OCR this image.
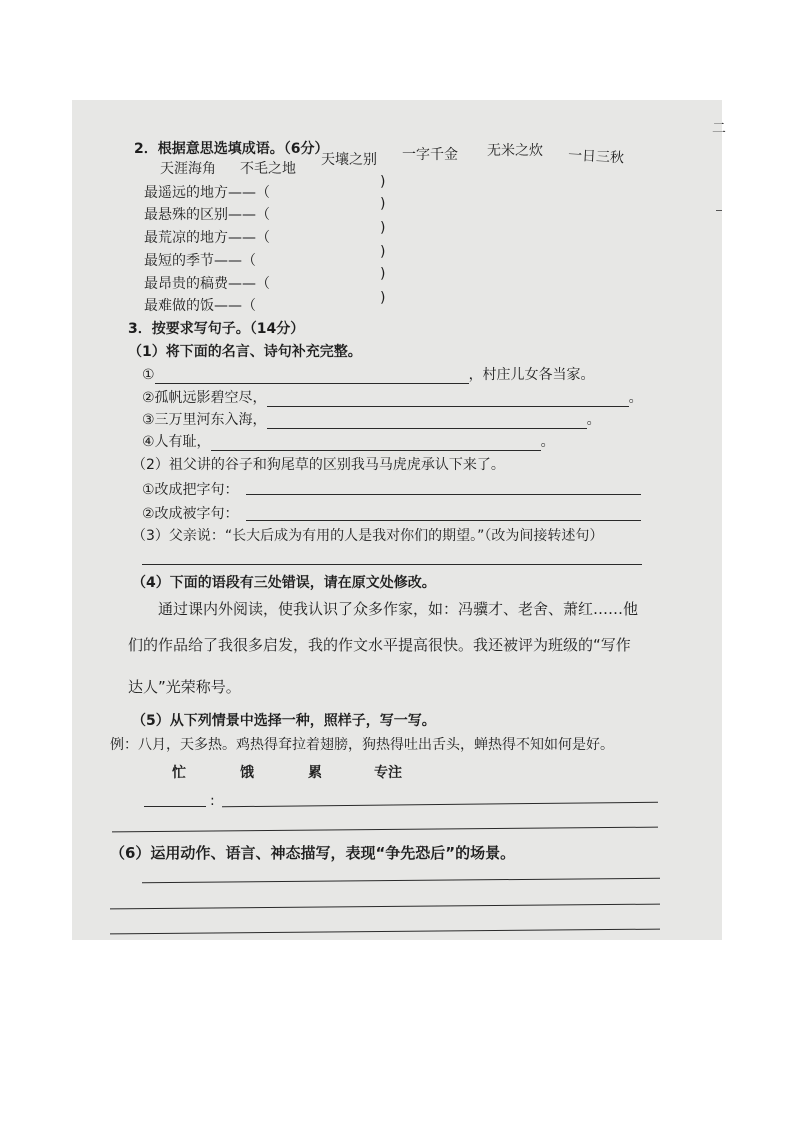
2．根据意思选填成语。（6分）
天涯海角 不毛之地
天壤之别 一字千金 无米之炊 一日三秋
最遥远的地方——（
)
最悬殊的区别——（
)
最荒凉的地方——（
)
最短的季节——（
)
最昂贵的稿费——（
)
最难做的饭——（	)
3．按要求写句子。（14分）
（1）将下面的名言、诗句补充完整。
①	，村庄儿女各当家。
②孤帆远影碧空尽，	。
③三万里河东入海，	。
④人有耻，	。
（2）祖父讲的谷子和狗尾草的区别我马马虎虎承认下来了。
①改成把字句：
②改成被字句：
（3）父亲说：“长大后成为有用的人是我对你们的期望。”（改为间接转述句）
（4）下面的语段有三处错误，请在原文处修改。
通过课内外阅读，使我认识了众多作家，如：冯骥才、老舍、萧红……他
们的作品给了我很多启发，我的作文水平提高很快。我还被评为班级的“写作
达人”光荣称号。
（5）从下列情景中选择一种，照样子，写一写。
例：八月，天多热。鸡热得耷拉着翅膀，狗热得吐出舌头，蝉热得不知如何是好。
忙	饿	累	专注
:
（6）运用动作、语言、神态描写，表现“争先恐后”的场景。
二
